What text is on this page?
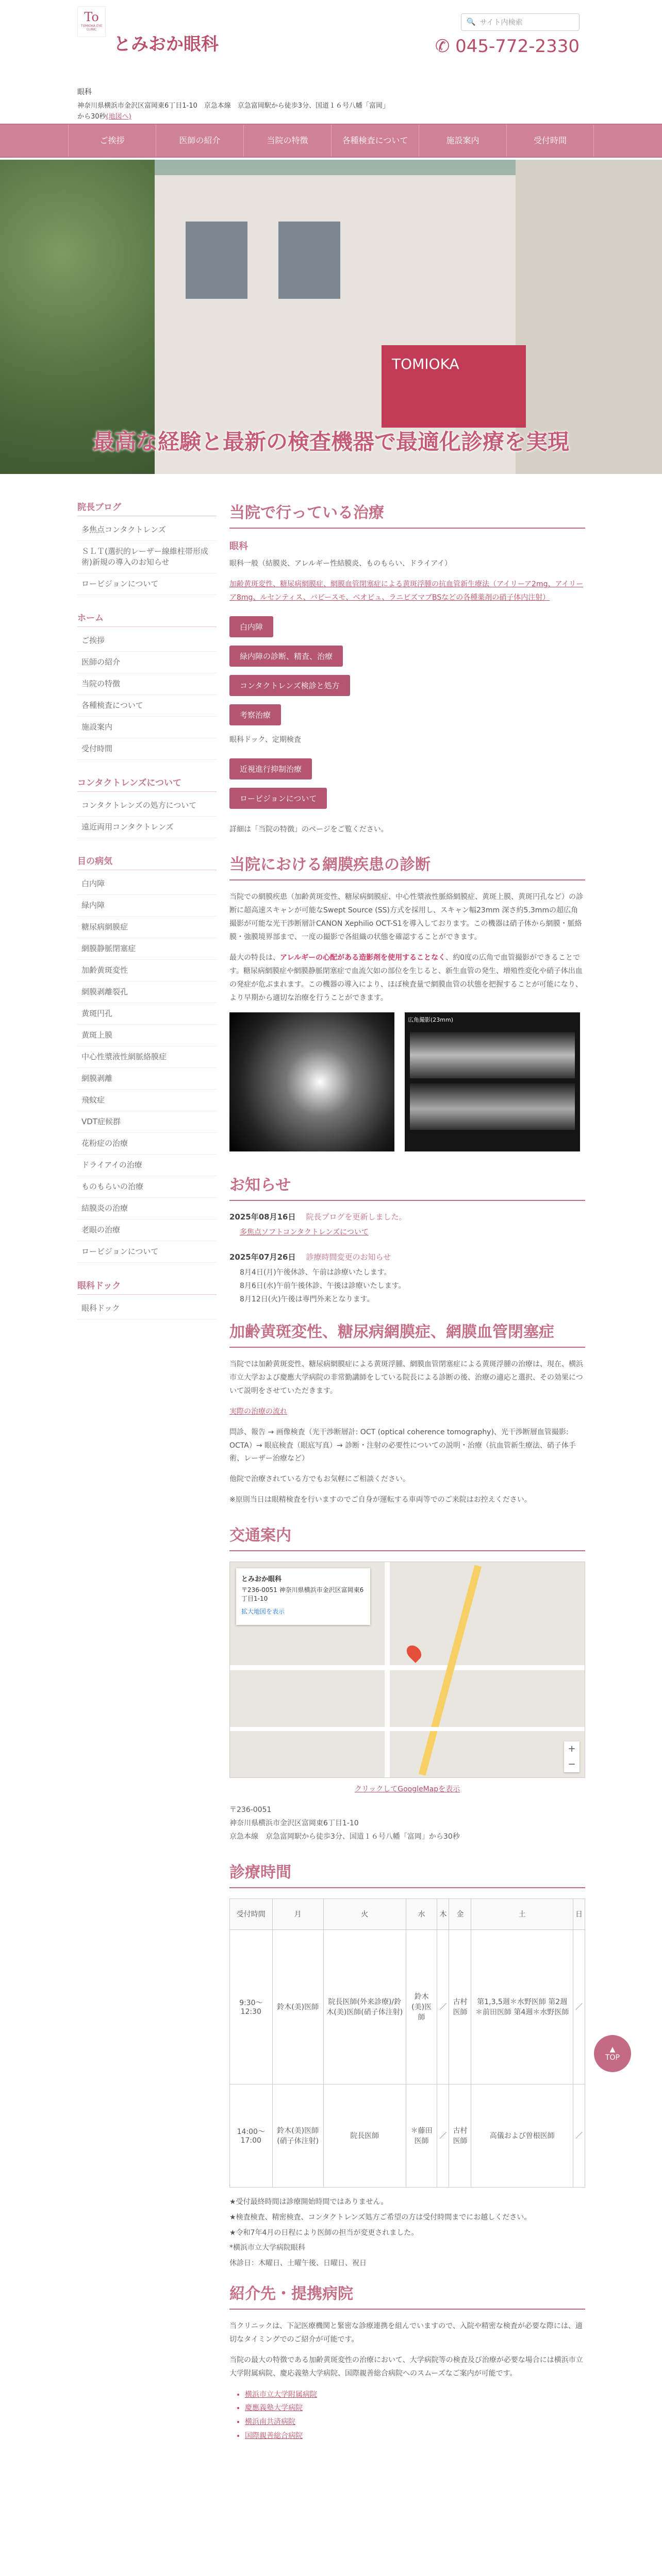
To
TOMIOKA EYE CLINIC
とみおか眼科
🔍 サイト内検索
✆ 045-772-2330
眼科
神奈川県横浜市金沢区富岡東6丁目1-10　京急本線　京急富岡駅から徒歩3分、国道１６号八幡「富岡」から30秒(地図へ)
ご挨拶	医師の紹介	当院の特徴	各種検査について	施設案内	受付時間
TOMIOKA
最高な経験と最新の検査機器で最適化診療を実現
院長ブログ
多焦点コンタクトレンズ
ＳＬＴ(選択的レーザー線維柱帯形成術)新規の導入のお知らせ
ロービジョンについて
ホーム
ご挨拶
医師の紹介
当院の特徴
各種検査について
施設案内
受付時間
コンタクトレンズについて
コンタクトレンズの処方について
遠近両用コンタクトレンズ
目の病気
白内障
緑内障
糖尿病網膜症
網膜静脈閉塞症
加齢黄斑変性
網膜剥離裂孔
黄斑円孔
黄斑上膜
中心性漿液性網脈絡膜症
網膜剥離
飛蚊症
VDT症候群
花粉症の治療
ドライアイの治療
ものもらいの治療
結膜炎の治療
老眼の治療
ロービジョンについて
眼科ドック
眼科ドック
当院で行っている治療
眼科

眼科一般（結膜炎、アレルギー性結膜炎、ものもらい、ドライアイ）

加齢黄斑変性、糖尿病網膜症、網膜血管閉塞症による黄斑浮腫の抗血管新生療法（アイリーア2mg、アイリーア8mg、ルセンティス、バビースモ、ベオビュ、ラニビズマブBSなどの各種薬剤の硝子体内注射）

白内障
緑内障の診断、精査、治療
コンタクトレンズ検診と処方
考察治療

眼科ドック、定期検査

近視進行抑制治療
ロービジョンについて

詳細は「当院の特徴」のページをご覧ください。

当院における網膜疾患の診断

当院での網膜疾患（加齢黄斑変性、糖尿病網膜症、中心性漿液性脈絡網膜症、黄斑上膜、黄斑円孔など）の診断に超高速スキャンが可能なSwept Source (SS)方式を採用し、スキャン幅23mm 深さ約5.3mmの超広角撮影が可能な光干渉断層計CANON Xephilio OCT-S1を導入しております。この機器は硝子体から網膜・脈絡膜・強膜境界部まで、一度の撮影で各組織の状態を確認することができます。

最大の特長は、アレルギーの心配がある造影剤を使用することなく、約0度の広角で血管撮影ができることです。糖尿病網膜症や網膜静脈閉塞症で血流欠如の部位を生じると、新生血管の発生、増殖性変化や硝子体出血の発症が危ぶまれます。この機器の導入により、ほぼ検査量で網膜血管の状態を把握することが可能になり、より早期から適切な治療を行うことができます。

広角撮影(23mm)
お知らせ
2025年08月16日 院長ブログを更新しました。
多焦点ソフトコンタクトレンズについて
2025年07月26日 診療時間変更のお知らせ
8月4日(月)午後休診、午前は診療いたします。
8月6日(水)午前午後休診、午後は診療いたします。
8月12日(火)午後は専門外来となります。
加齢黄斑変性、糖尿病網膜症、網膜血管閉塞症

当院では加齢黄斑変性、糖尿病網膜症による黄斑浮腫、網膜血管閉塞症による黄斑浮腫の治療は、現在、横浜市立大学および慶應大学病院の非常勤講師をしている院長による診断の後、治療の適応と選択、その効果について説明をさせていただきます。

実際の治療の流れ

問診、報告 → 画像検査（光干渉断層計: OCT (optical coherence tomography)、光干渉断層血管撮影: OCTA）→ 眼底検査（眼底写真）→ 診断・注射の必要性についての説明・治療（抗血管新生療法、硝子体手術、レーザー治療など）

他院で治療されている方でもお気軽にご相談ください。

※原則当日は眼精検査を行いますのでご自身が運転する車両等でのご来院はお控えください。

交通案内
とみおか眼科
〒236-0051 神奈川県横浜市金沢区富岡東6丁目1-10
拡大地図を表示
+
−

クリックしてGoogleMapを表示

〒236-0051

神奈川県横浜市金沢区富岡東6丁目1-10

京急本線　京急富岡駅から徒歩3分、国道１６号八幡「富岡」から30秒

診療時間
受付時間	月	火	水	木	金	土	日
9:30〜12:30	鈴木(美)医師	院長医師(外来診療)/鈴木(美)医師(硝子体注射)	鈴木(美)医師	／	古村医師	第1,3,5週＊水野医師 第2週＊前田医師 第4週＊水野医師	／
14:00〜17:00	鈴木(美)医師(硝子体注射)	院長医師	＊藤田医師	／	古村医師	高儀および曽根医師	／

★受付最終時間は診療開始時間ではありません。

★検査検査、精密検査、コンタクトレンズ処方ご希望の方は受付時間までにお越しください。

★令和7年4月の日程により医師の担当が変更されました。

*横浜市立大学病院眼科

休診日：木曜日、土曜午後、日曜日、祝日

紹介先・提携病院

当クリニックは、下記医療機関と緊密な診療連携を組んでいますので、入院や精密な検査が必要な際には、適切なタイミングでのご紹介が可能です。

当院の最大の特徴である加齢黄斑変性の治療において、大学病院等の検査及び治療が必要な場合には横浜市立大学附属病院、慶応義塾大学病院、国際親善総合病院へのスムーズなご案内が可能です。

• 横浜市立大学附属病院
• 慶應義塾大学病院
• 横浜南共済病院
• 国際親善総合病院
▲
TOP
